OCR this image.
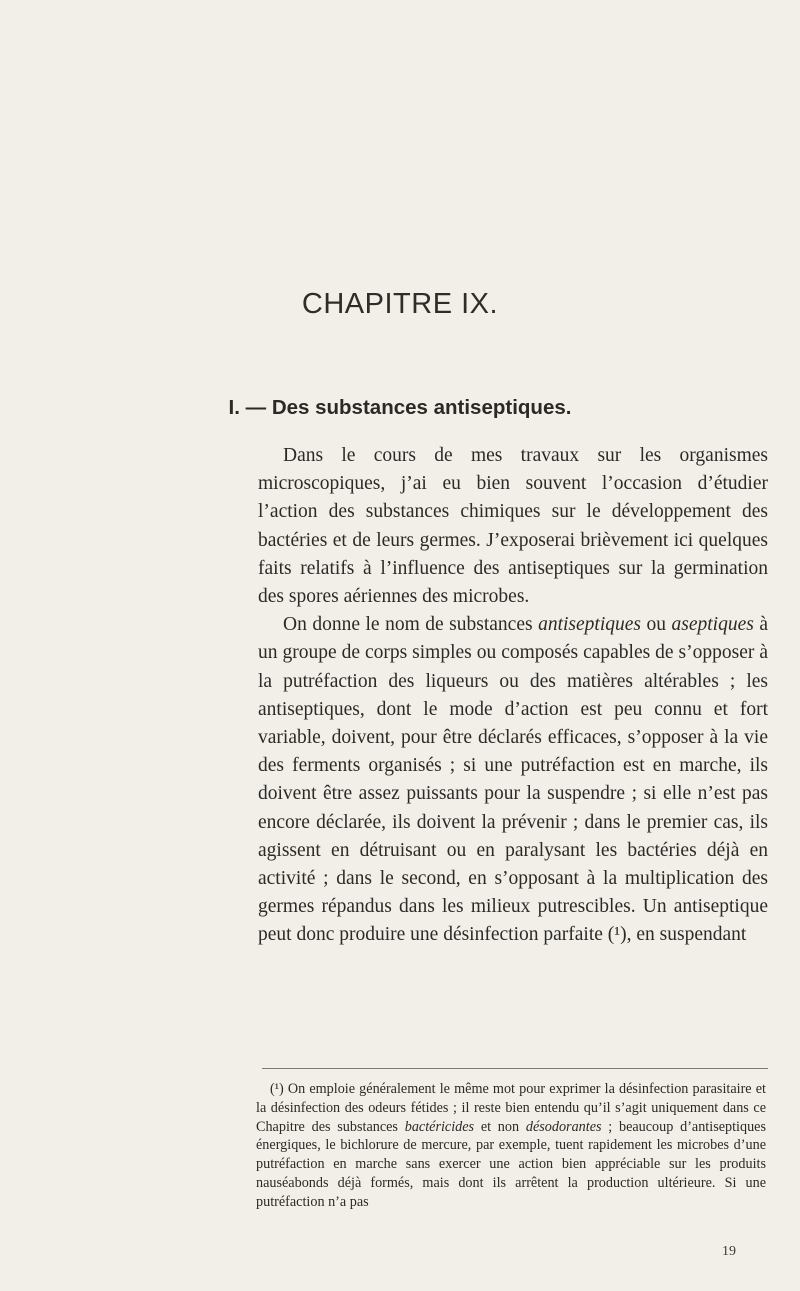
CHAPITRE IX.
I. — Des substances antiseptiques.

Dans le cours de mes travaux sur les organismes microscopiques, j’ai eu bien souvent l’occasion d’étudier l’action des substances chimiques sur le développement des bactéries et de leurs germes. J’exposerai brièvement ici quelques faits relatifs à l’influence des antiseptiques sur la germination des spores aériennes des microbes.

On donne le nom de substances antiseptiques ou aseptiques à un groupe de corps simples ou composés capables de s’opposer à la putréfaction des liqueurs ou des matières altérables ; les antiseptiques, dont le mode d’action est peu connu et fort variable, doivent, pour être déclarés efficaces, s’opposer à la vie des ferments organisés ; si une putréfaction est en marche, ils doivent être assez puissants pour la suspendre ; si elle n’est pas encore déclarée, ils doivent la prévenir ; dans le premier cas, ils agissent en détruisant ou en paralysant les bactéries déjà en activité ; dans le second, en s’opposant à la multiplication des germes répandus dans les milieux putrescibles. Un antiseptique peut donc produire une désinfection parfaite (¹), en suspendant

(¹) On emploie généralement le même mot pour exprimer la désinfection parasitaire et la désinfection des odeurs fétides ; il reste bien entendu qu’il s’agit uniquement dans ce Chapitre des substances bactéricides et non désodorantes ; beaucoup d’antiseptiques énergiques, le bichlorure de mercure, par exemple, tuent rapidement les microbes d’une putréfaction en marche sans exercer une action bien appréciable sur les produits nauséabonds déjà formés, mais dont ils arrêtent la production ultérieure. Si une putréfaction n’a pas

19
